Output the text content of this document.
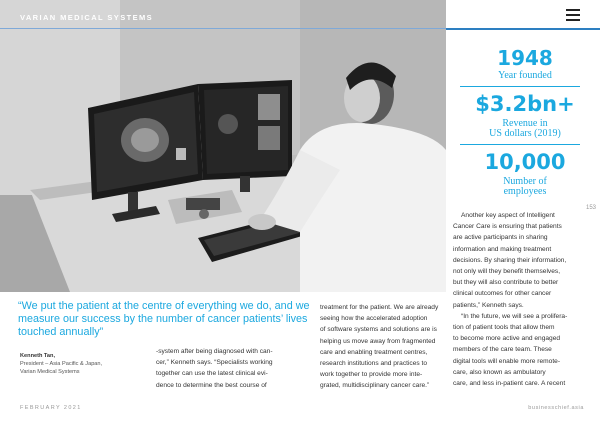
VARIAN MEDICAL SYSTEMS
1948
Year founded
$3.2bn+
Revenue in
US dollars (2019)
10,000
Number of
employees
153
Another key aspect of Intelligent
Cancer Care is ensuring that patients
are active participants in sharing
information and making treatment
decisions. By sharing their information,
not only will they benefit themselves,
but they will also contribute to better
clinical outcomes for other cancer
patients,” Kenneth says.
“In the future, we will see a prolifera-
tion of patient tools that allow them
to become more active and engaged
members of the care team. These
digital tools will enable more remote-
care, also known as ambulatory
care, and less in-patient care. A recent
“We put the patient at the centre of everything we do, and we measure our success by the number of cancer patients’ lives touched annually”
Kenneth Tan,
President – Asia Pacific & Japan,
Varian Medical Systems
-system after being diagnosed with can-
cer,” Kenneth says. “Specialists working
together can use the latest clinical evi-
dence to determine the best course of
treatment for the patient. We are already
seeing how the accelerated adoption
of software systems and solutions are is
helping us move away from fragmented
care and enabling treatment centres,
research institutions and practices to
work together to provide more inte-
grated, multidisciplinary cancer care.”
FEBRUARY 2021	businesschief.asia
